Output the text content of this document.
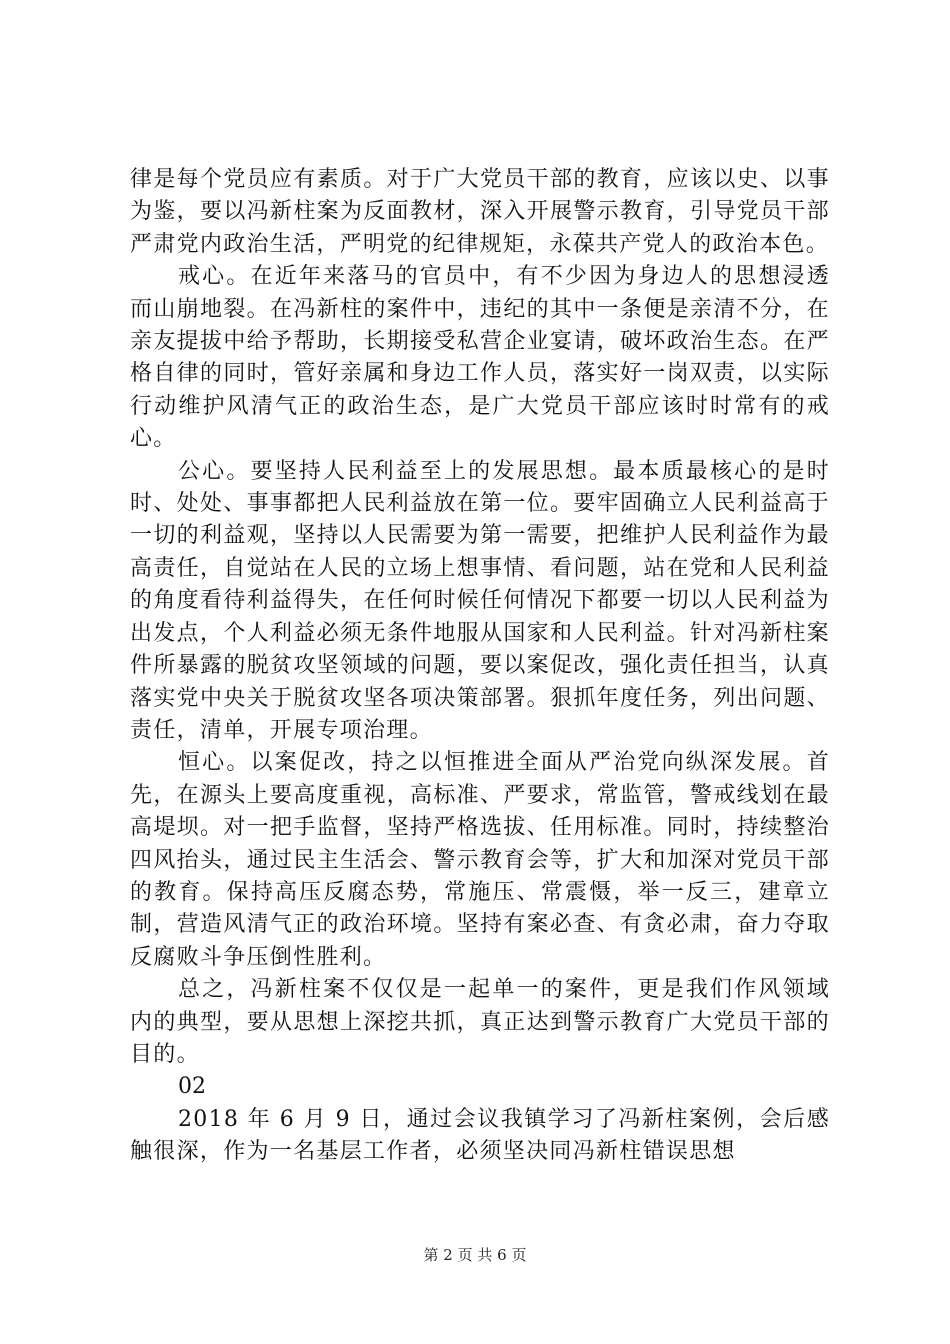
律是每个党员应有素质。对于广大党员干部的教育，应该以史、以事为鉴，要以冯新柱案为反面教材，深入开展警示教育，引导党员干部严肃党内政治生活，严明党的纪律规矩，永葆共产党人的政治本色。

戒心。在近年来落马的官员中，有不少因为身边人的思想浸透而山崩地裂。在冯新柱的案件中，违纪的其中一条便是亲清不分，在亲友提拔中给予帮助，长期接受私营企业宴请，破坏政治生态。在严格自律的同时，管好亲属和身边工作人员，落实好一岗双责，以实际行动维护风清气正的政治生态，是广大党员干部应该时时常有的戒心。

公心。要坚持人民利益至上的发展思想。最本质最核心的是时时、处处、事事都把人民利益放在第一位。要牢固确立人民利益高于一切的利益观，坚持以人民需要为第一需要，把维护人民利益作为最高责任，自觉站在人民的立场上想事情、看问题，站在党和人民利益的角度看待利益得失，在任何时候任何情况下都要一切以人民利益为出发点，个人利益必须无条件地服从国家和人民利益。针对冯新柱案件所暴露的脱贫攻坚领域的问题，要以案促改，强化责任担当，认真落实党中央关于脱贫攻坚各项决策部署。狠抓年度任务，列出问题、责任，清单，开展专项治理。

恒心。以案促改，持之以恒推进全面从严治党向纵深发展。首先，在源头上要高度重视，高标准、严要求，常监管，警戒线划在最高堤坝。对一把手监督，坚持严格选拔、任用标准。同时，持续整治四风抬头，通过民主生活会、警示教育会等，扩大和加深对党员干部的教育。保持高压反腐态势，常施压、常震慑，举一反三，建章立制，营造风清气正的政治环境。坚持有案必查、有贪必肃，奋力夺取反腐败斗争压倒性胜利。

总之，冯新柱案不仅仅是一起单一的案件，更是我们作风领域内的典型，要从思想上深挖共抓，真正达到警示教育广大党员干部的目的。

02

2018 年 6 月 9 日，通过会议我镇学习了冯新柱案例，会后感触很深，作为一名基层工作者，必须坚决同冯新柱错误思想

第 2 页 共 6 页
